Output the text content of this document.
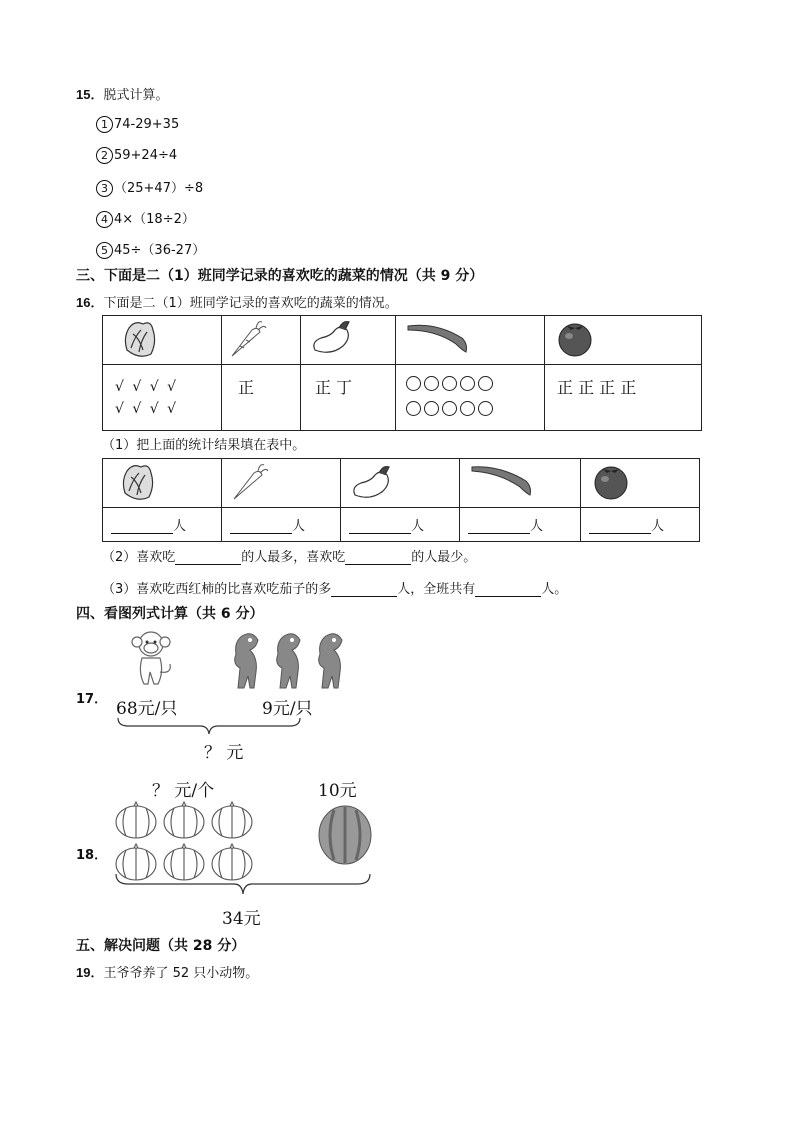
15．脱式计算。
1 74-29+35
2 59+24÷4
3 （25+47）÷8
4 4×（18÷2）
5 45÷（36-27）
三、下面是二（1）班同学记录的喜欢吃的蔬菜的情况（共 9 分）
16．下面是二（1）班同学记录的喜欢吃的蔬菜的情况。

√ √ √ √
√ √ √ √	正	正 丁		正 正 正 正
（1）把上面的统计结果填在表中。

人	人	人	人	人
（2）喜欢吃	的人最多，喜欢吃	的人最少。
（3）喜欢吃西红柿的比喜欢吃茄子的多	人，全班共有	人。
四、看图列式计算（共 6 分）
17． 68元/只	9元/只
？ 元
？ 元/个	10元
18．
34元
五、解决问题（共 28 分）
19．王爷爷养了 52 只小动物。
